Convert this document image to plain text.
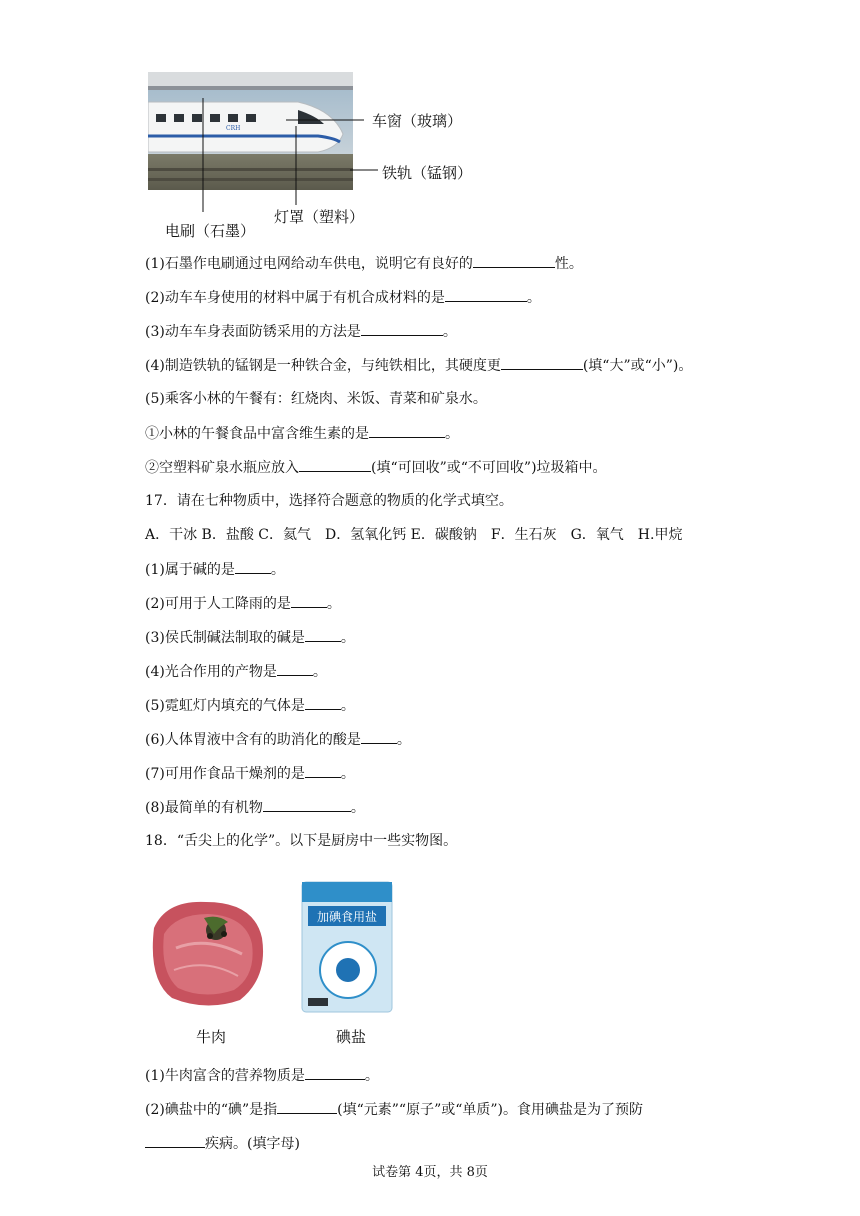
CRH	车窗（玻璃）
铁轨（锰钢）
灯罩（塑料）
电刷（石墨）
(1)石墨作电刷通过电网给动车供电，说明它有良好的	性。
(2)动车车身使用的材料中属于有机合成材料的是	。
(3)动车车身表面防锈采用的方法是	。
(4)制造铁轨的锰钢是一种铁合金，与纯铁相比，其硬度更	(填“大”或“小”)。
(5)乘客小林的午餐有：红烧肉、米饭、青菜和矿泉水。
①小林的午餐食品中富含维生素的是	。
②空塑料矿泉水瓶应放入	(填“可回收”或“不可回收”)垃圾箱中。
17．请在七种物质中，选择符合题意的物质的化学式填空。
A．干冰 B．盐酸 C．氦气　D．氢氧化钙 E．碳酸钠　F．生石灰　G．氧气　H.甲烷
(1)属于碱的是	。
(2)可用于人工降雨的是	。
(3)侯氏制碱法制取的碱是	。
(4)光合作用的产物是	。
(5)霓虹灯内填充的气体是	。
(6)人体胃液中含有的助消化的酸是	。
(7)可用作食品干燥剂的是	。
(8)最简单的有机物	。
18．“舌尖上的化学”。以下是厨房中一些实物图。
加碘食用盐
牛肉	碘盐
(1)牛肉富含的营养物质是	。
(2)碘盐中的“碘”是指	(填“元素”“原子”或“单质”)。食用碘盐是为了预防
疾病。(填字母)
试卷第 4页，共 8页
